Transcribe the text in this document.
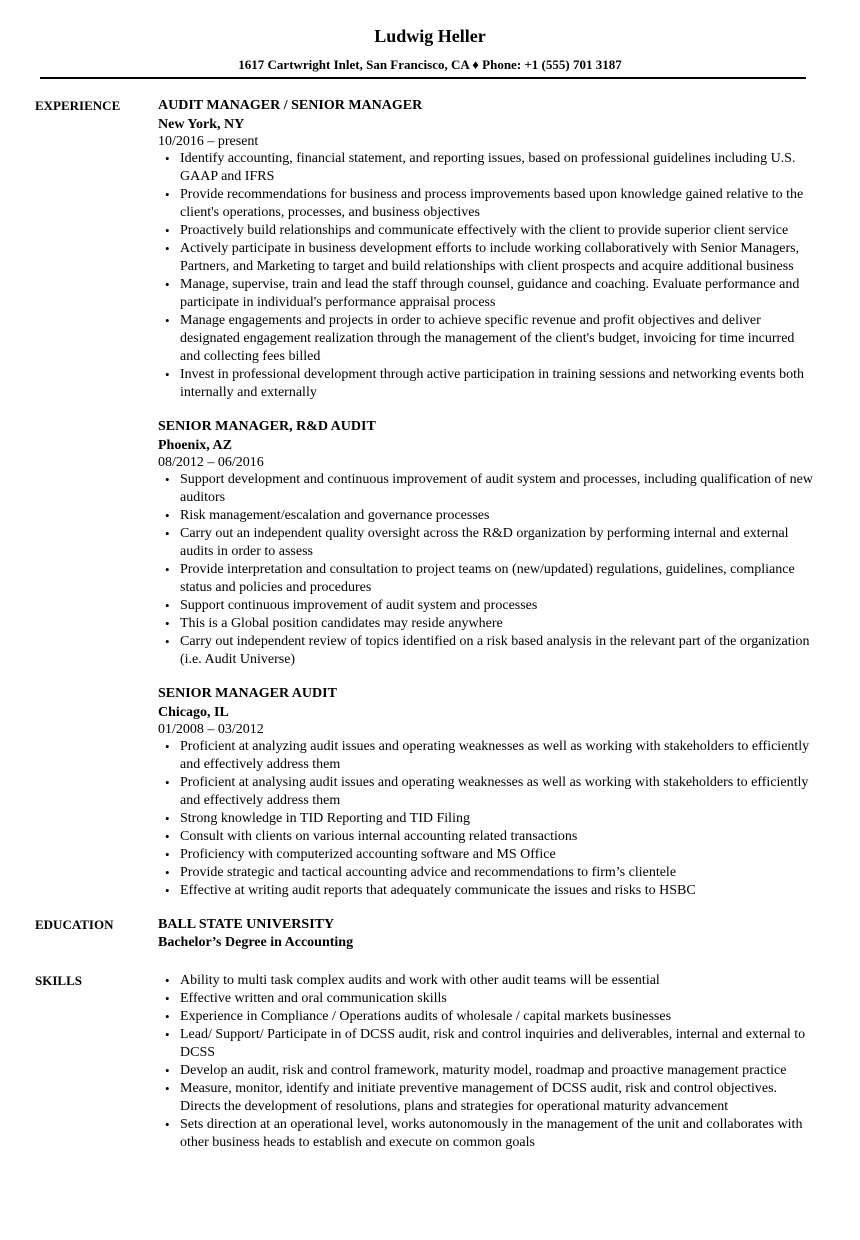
Ludwig Heller
1617 Cartwright Inlet, San Francisco, CA ♦ Phone: +1 (555) 701 3187
EXPERIENCE	AUDIT MANAGER / SENIOR MANAGER
New York, NY
10/2016 – present
• Identify accounting, financial statement, and reporting issues, based on professional guidelines including U.S. GAAP and IFRS
• Provide recommendations for business and process improvements based upon knowledge gained relative to the client's operations, processes, and business objectives
• Proactively build relationships and communicate effectively with the client to provide superior client service
• Actively participate in business development efforts to include working collaboratively with Senior Managers, Partners, and Marketing to target and build relationships with client prospects and acquire additional business
• Manage, supervise, train and lead the staff through counsel, guidance and coaching. Evaluate performance and participate in individual's performance appraisal process
• Manage engagements and projects in order to achieve specific revenue and profit objectives and deliver designated engagement realization through the management of the client's budget, invoicing for time incurred and collecting fees billed
• Invest in professional development through active participation in training sessions and networking events both internally and externally
SENIOR MANAGER, R&D AUDIT
Phoenix, AZ
08/2012 – 06/2016
• Support development and continuous improvement of audit system and processes, including qualification of new auditors
• Risk management/escalation and governance processes
• Carry out an independent quality oversight across the R&D organization by performing internal and external audits in order to assess
• Provide interpretation and consultation to project teams on (new/updated) regulations, guidelines, compliance status and policies and procedures
• Support continuous improvement of audit system and processes
• This is a Global position candidates may reside anywhere
• Carry out independent review of topics identified on a risk based analysis in the relevant part of the organization (i.e. Audit Universe)
SENIOR MANAGER AUDIT
Chicago, IL
01/2008 – 03/2012
• Proficient at analyzing audit issues and operating weaknesses as well as working with stakeholders to efficiently and effectively address them
• Proficient at analysing audit issues and operating weaknesses as well as working with stakeholders to efficiently and effectively address them
• Strong knowledge in TID Reporting and TID Filing
• Consult with clients on various internal accounting related transactions
• Proficiency with computerized accounting software and MS Office
• Provide strategic and tactical accounting advice and recommendations to firm’s clientele
• Effective at writing audit reports that adequately communicate the issues and risks to HSBC
EDUCATION	BALL STATE UNIVERSITY
Bachelor’s Degree in Accounting
SKILLS
•	Ability to multi task complex audits and work with other audit teams will be essential
• Effective written and oral communication skills
• Experience in Compliance / Operations audits of wholesale / capital markets businesses
• Lead/ Support/ Participate in of DCSS audit, risk and control inquiries and deliverables, internal and external to DCSS
• Develop an audit, risk and control framework, maturity model, roadmap and proactive management practice
• Measure, monitor, identify and initiate preventive management of DCSS audit, risk and control objectives. Directs the development of resolutions, plans and strategies for operational maturity advancement
• Sets direction at an operational level, works autonomously in the management of the unit and collaborates with other business heads to establish and execute on common goals
